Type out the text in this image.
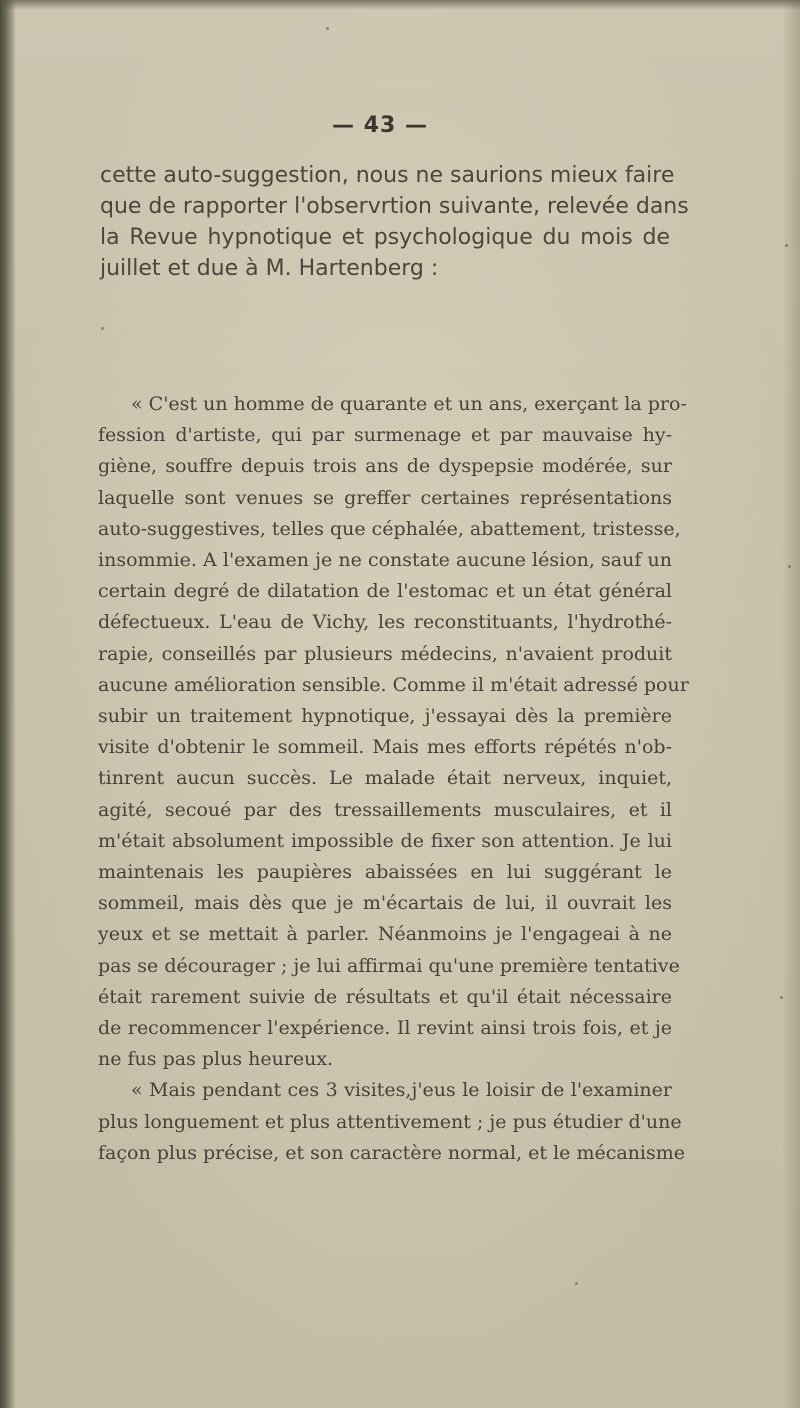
— 43 —
cette auto-suggestion, nous ne saurions mieux faire
que de rapporter l'observrtion suivante, relevée dans
la Revue hypnotique et psychologique du mois de
juillet et due à M. Hartenberg :
« C'est un homme de quarante et un ans, exerçant la pro-
fession d'artiste, qui par surmenage et par mauvaise hy-
giène, souffre depuis trois ans de dyspepsie modérée, sur
laquelle sont venues se greffer certaines représentations
auto-suggestives, telles que céphalée, abattement, tristesse,
insommie. A l'examen je ne constate aucune lésion, sauf un
certain degré de dilatation de l'estomac et un état général
défectueux. L'eau de Vichy, les reconstituants, l'hydrothé-
rapie, conseillés par plusieurs médecins, n'avaient produit
aucune amélioration sensible. Comme il m'était adressé pour
subir un traitement hypnotique, j'essayai dès la première
visite d'obtenir le sommeil. Mais mes efforts répétés n'ob-
tinrent aucun succès. Le malade était nerveux, inquiet,
agité, secoué par des tressaillements musculaires, et il
m'était absolument impossible de fixer son attention. Je lui
maintenais les paupières abaissées en lui suggérant le
sommeil, mais dès que je m'écartais de lui, il ouvrait les
yeux et se mettait à parler. Néanmoins je l'engageai à ne
pas se décourager ; je lui affirmai qu'une première tentative
était rarement suivie de résultats et qu'il était nécessaire
de recommencer l'expérience. Il revint ainsi trois fois, et je
ne fus pas plus heureux.
« Mais pendant ces 3 visites,j'eus le loisir de l'examiner
plus longuement et plus attentivement ; je pus étudier d'une
façon plus précise, et son caractère normal, et le mécanisme
